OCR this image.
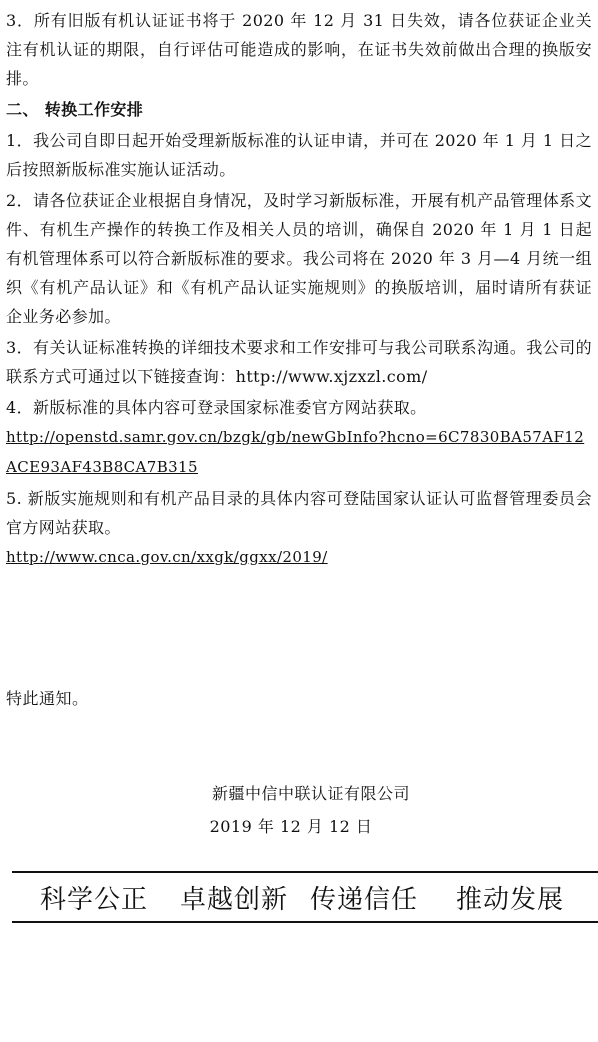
3．所有旧版有机认证证书将于 2020 年 12 月 31 日失效，请各位获证企业关注有机认证的期限，自行评估可能造成的影响，在证书失效前做出合理的换版安排。

二、 转换工作安排

1．我公司自即日起开始受理新版标准的认证申请，并可在 2020 年 1 月 1 日之后按照新版标准实施认证活动。

2．请各位获证企业根据自身情况，及时学习新版标准，开展有机产品管理体系文件、有机生产操作的转换工作及相关人员的培训，确保自 2020 年 1 月 1 日起有机管理体系可以符合新版标准的要求。我公司将在 2020 年 3 月—4 月统一组织《有机产品认证》和《有机产品认证实施规则》的换版培训，届时请所有获证企业务必参加。

3．有关认证标准转换的详细技术要求和工作安排可与我公司联系沟通。我公司的联系方式可通过以下链接查询：http://www.xjzxzl.com/

4．新版标准的具体内容可登录国家标准委官方网站获取。

http://openstd.samr.gov.cn/bzgk/gb/newGbInfo?hcno=6C7830BA57AF12ACE93AF43B8CA7B315

5. 新版实施规则和有机产品目录的具体内容可登陆国家认证认可监督管理委员会官方网站获取。

http://www.cnca.gov.cn/xxgk/ggxx/2019/

特此通知。
新疆中信中联认证有限公司
2019 年 12 月 12 日
科学公正 卓越创新 传递信任 推动发展
